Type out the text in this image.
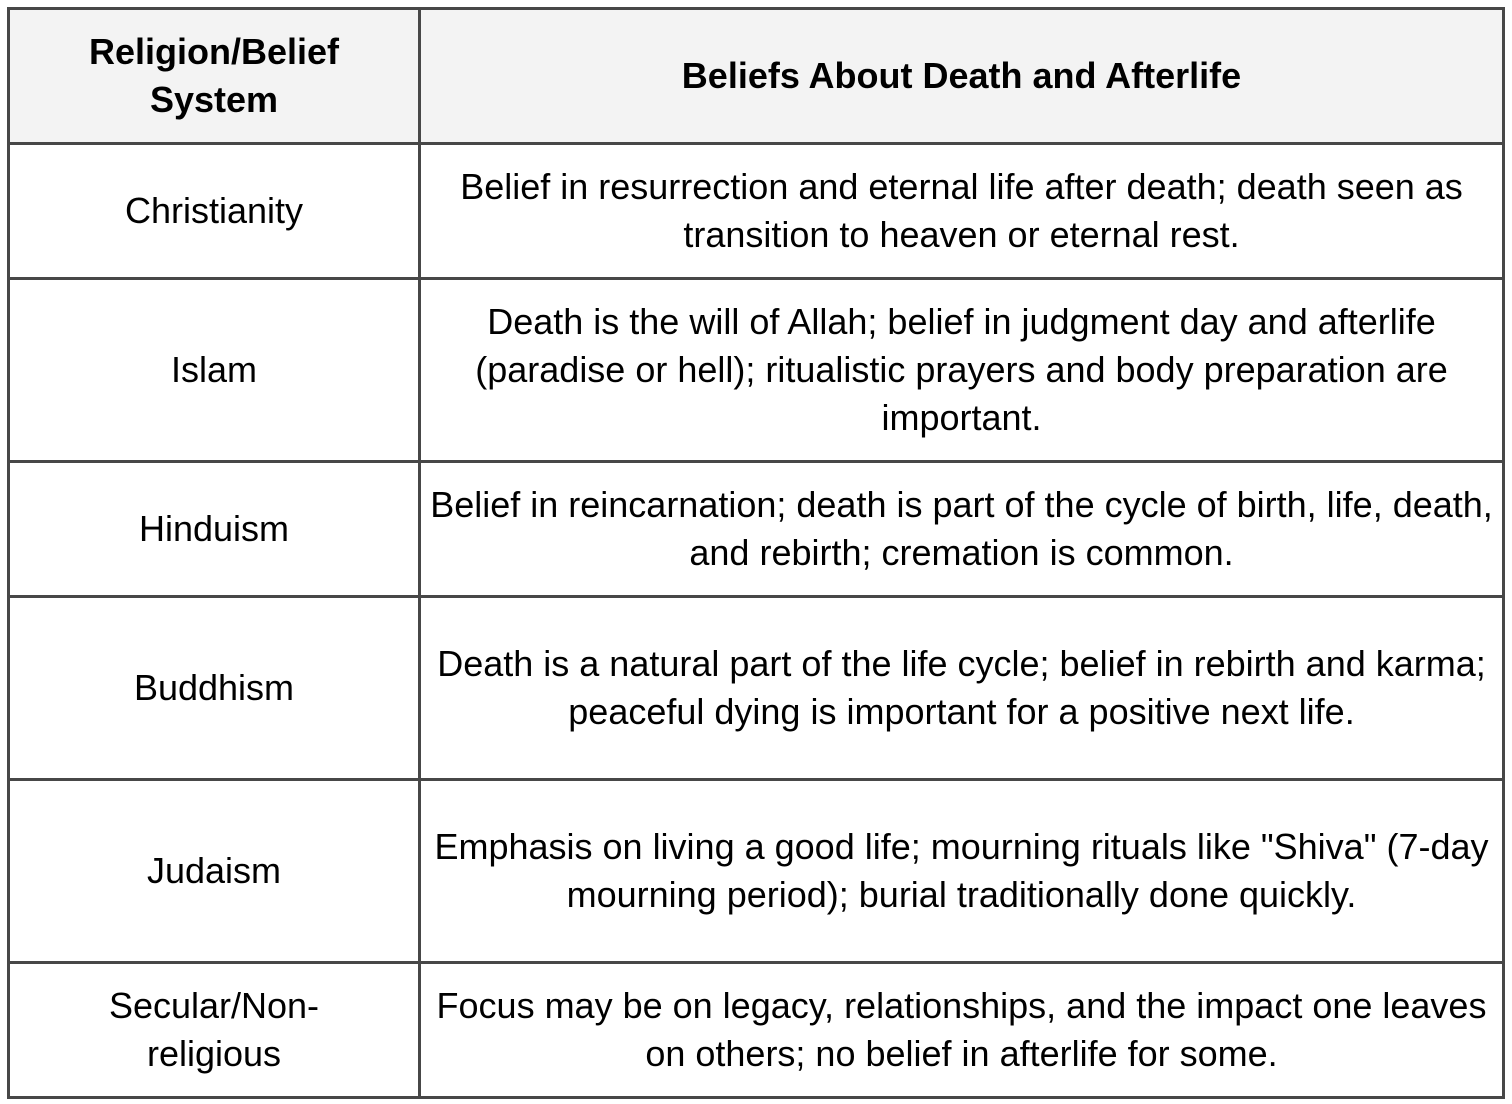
Religion/Belief System	Beliefs About Death and Afterlife
Christianity	Belief in resurrection and eternal life after death; death seen as transition to heaven or eternal rest.
Islam	Death is the will of Allah; belief in judgment day and afterlife (paradise or hell); ritualistic prayers and body preparation are important.
Hinduism	Belief in reincarnation; death is part of the cycle of birth, life, death, and rebirth; cremation is common.
Buddhism	Death is a natural part of the life cycle; belief in rebirth and karma; peaceful dying is important for a positive next life.
Judaism	Emphasis on living a good life; mourning rituals like "Shiva" (7-day mourning period); burial traditionally done quickly.
Secular/Non-religious	Focus may be on legacy, relationships, and the impact one leaves on others; no belief in afterlife for some.
